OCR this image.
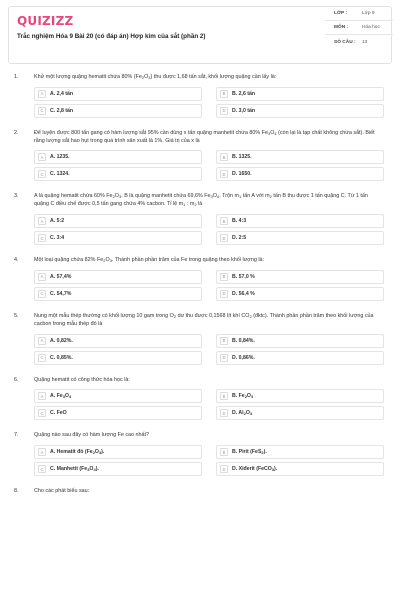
QUIZIZZ
Trắc nghiệm Hóa 9 Bài 20 (có đáp án) Hợp kim của sắt (phần 2)
LỚP :	Lớp 9
MÔN :	Hóa học
SỐ CÂU :	13
1.	Khử một lượng quặng hematit chứa 80% $(Fe_2O_3)$ thu được 1,68 tấn sắt, khối lượng quặng cần lấy là:
A	A. 2,4 tấn	B	B. 2,6 tấn
C	C. 2,8 tấn	D	D. 3,0 tấn
2.	Để luyện được 800 tấn gang có hàm lượng sắt 95% cần dùng x tấn quặng manhetit chứa 80% $Fe_3O_4$ (còn lại là tạp chất không chứa sắt). Biết rằng lượng sắt hao hụt trong quá trình sản xuất là 1%. Giá trị của x là
A	A. 1235.	B	B. 1325.
C	C. 1324.	D	D. 1650.
3.	A là quặng hematit chứa 60% $Fe_2O_3$. B là quặng manhetit chứa 69,6% $Fe_3O_4$. Trộn $m_1$ tấn A với $m_2$ tấn B thu được 1 tấn quặng C. Từ 1 tấn quặng C điều chế được 0,5 tấn gang chứa 4% cacbon. Tỉ lệ $m_1$ : $m_2$ là
A	A. 5:2	B	B. 4:3
C	C. 3:4	D	D. 2:5
4.	Một loại quặng chứa 82% $Fe_2O_3$. Thành phần phần trăm của Fe trong quặng theo khối lượng là:
A	A. 57,4%	B	B. 57,0 %
C	C. 54,7%	D	D. 56,4 %
5.	Nung một mẫu thép thường có khối lượng 10 gam trong $O_2$ dư thu được 0,1568 lít khí $CO_2$ (đktc). Thành phần phần trăm theo khối lượng của cacbon trong mẫu thép đó là
A	A. 0,82%.	B	B. 0,84%.
C	C. 0,85%.	D	D. 0,86%.
6.	Quặng hematit có công thức hóa học là:
A	A. $Fe_3O_4$	B	B. $Fe_2O_3$
C	C. FeO	D	D. $Al_2O_3$
7.	Quặng nào sau đây có hàm lượng Fe cao nhất?
A	A. Hematit đỏ $(Fe_2O_3)$.	B	B. Pirit (FeS$_2$).
C	C. Manhetit $(Fe_3O_4)$.	D	D. Xiđerit (FeCO$_3$).
8.	Cho các phát biểu sau:
